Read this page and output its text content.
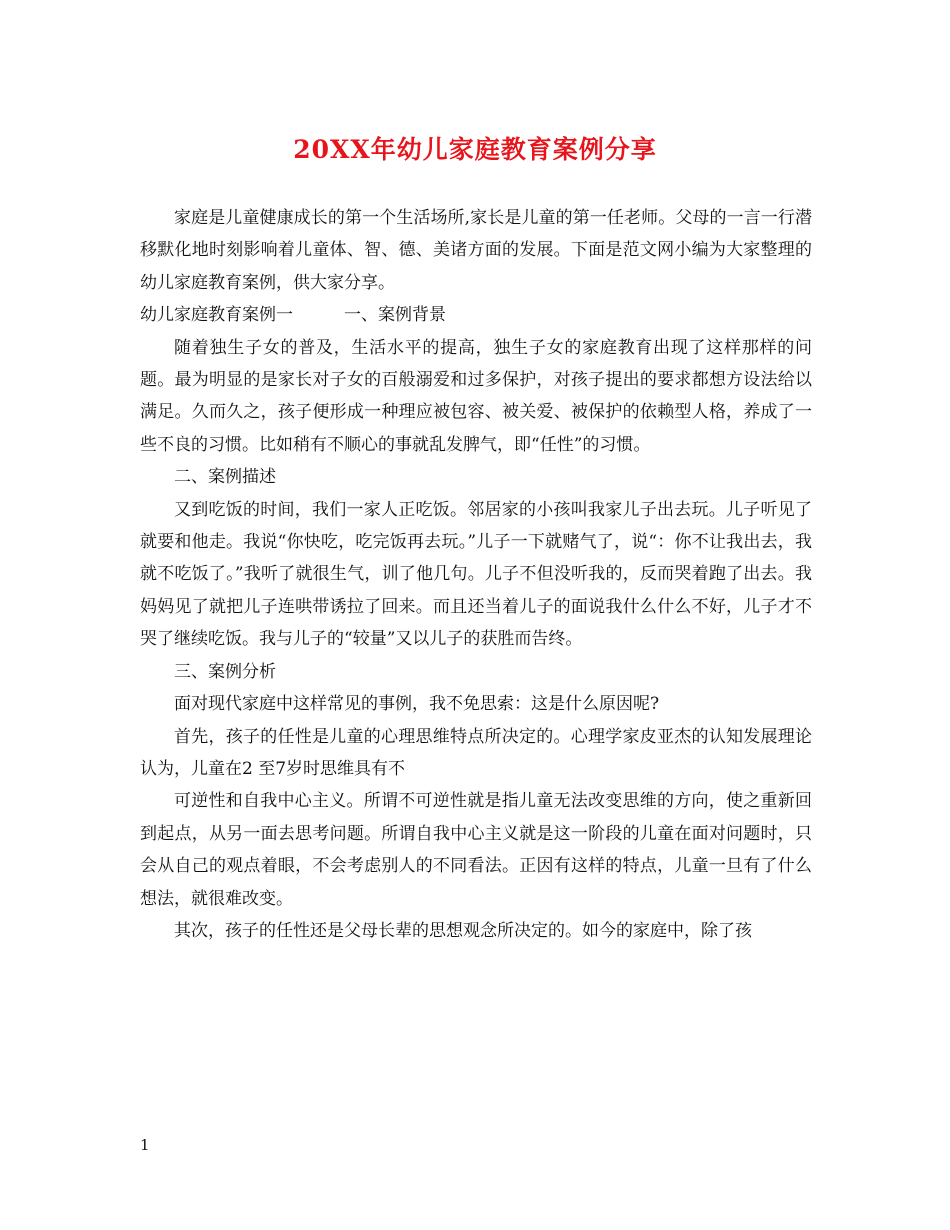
20XX年幼儿家庭教育案例分享

家庭是儿童健康成长的第一个生活场所,家长是儿童的第一任老师。父母的一言一行潜移默化地时刻影响着儿童体、智、德、美诸方面的发展。下面是范文网小编为大家整理的幼儿家庭教育案例，供大家分享。

幼儿家庭教育案例一	一、案例背景

随着独生子女的普及，生活水平的提高，独生子女的家庭教育出现了这样那样的问题。最为明显的是家长对子女的百般溺爱和过多保护，对孩子提出的要求都想方设法给以满足。久而久之，孩子便形成一种理应被包容、被关爱、被保护的依赖型人格，养成了一些不良的习惯。比如稍有不顺心的事就乱发脾气，即“任性”的习惯。

二、案例描述

又到吃饭的时间，我们一家人正吃饭。邻居家的小孩叫我家儿子出去玩。儿子听见了就要和他走。我说“你快吃，吃完饭再去玩。”儿子一下就赌气了，说“：你不让我出去，我就不吃饭了。”我听了就很生气，训了他几句。儿子不但没听我的，反而哭着跑了出去。我妈妈见了就把儿子连哄带诱拉了回来。而且还当着儿子的面说我什么什么不好，儿子才不哭了继续吃饭。我与儿子的“较量”又以儿子的获胜而告终。

三、案例分析

面对现代家庭中这样常见的事例，我不免思索：这是什么原因呢?

首先，孩子的任性是儿童的心理思维特点所决定的。心理学家皮亚杰的认知发展理论认为，儿童在2 至7岁时思维具有不

可逆性和自我中心主义。所谓不可逆性就是指儿童无法改变思维的方向，使之重新回到起点，从另一面去思考问题。所谓自我中心主义就是这一阶段的儿童在面对问题时，只会从自己的观点着眼，不会考虑别人的不同看法。正因有这样的特点，儿童一旦有了什么想法，就很难改变。

其次，孩子的任性还是父母长辈的思想观念所决定的。如今的家庭中，除了孩

1
